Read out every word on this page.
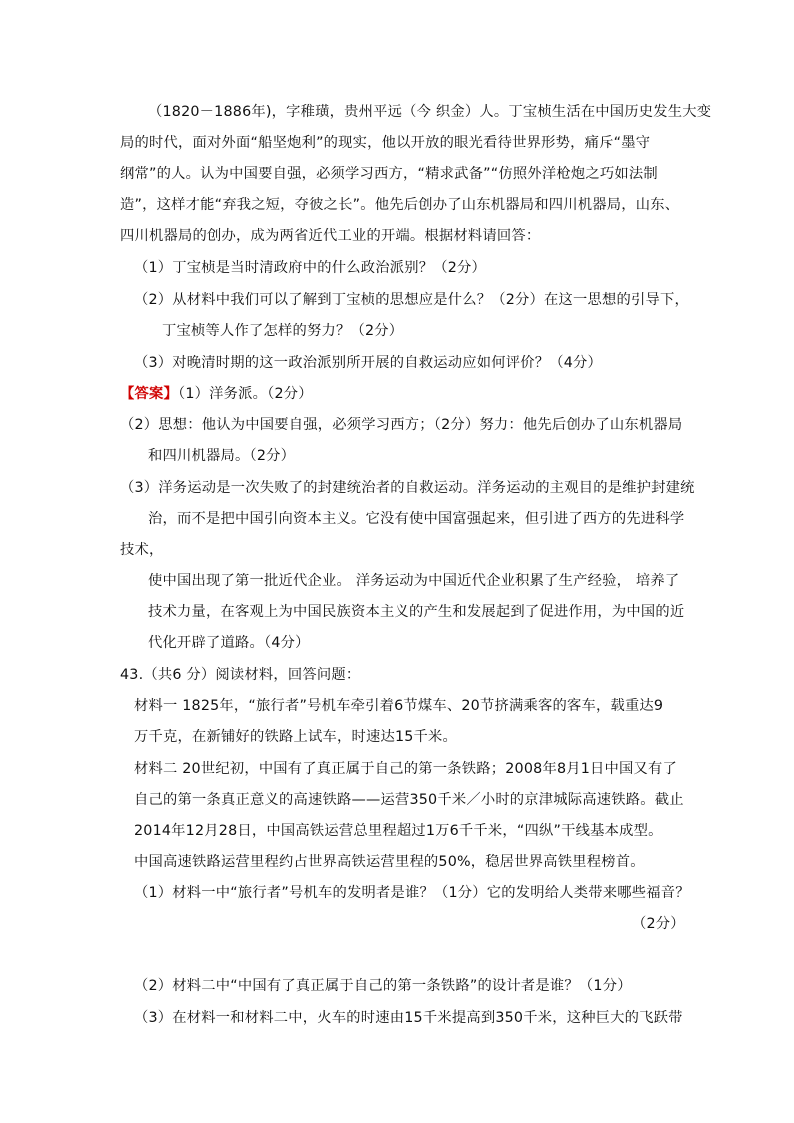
（1820－1886年)，字稚璜，贵州平远（今 织金）人。丁宝桢生活在中国历史发生大变
局的时代，面对外面“船坚炮利”的现实，他以开放的眼光看待世界形势，痛斥“墨守
纲常”的人。认为中国要自强，必须学习西方，“精求武备”“仿照外洋枪炮之巧如法制
造”，这样才能“弃我之短，夺彼之长”。他先后创办了山东机器局和四川机器局，山东、
四川机器局的创办，成为两省近代工业的开端。根据材料请回答：
（1）丁宝桢是当时清政府中的什么政治派别？（2分）
（2）从材料中我们可以了解到丁宝桢的思想应是什么？（2分）在这一思想的引导下，
丁宝桢等人作了怎样的努力？（2分）
（3）对晚清时期的这一政治派别所开展的自救运动应如何评价？（4分）
【答案】（1）洋务派。（2分）
（2）思想：他认为中国要自强，必须学习西方；（2分）努力：他先后创办了山东机器局
和四川机器局。（2分）
（3）洋务运动是一次失败了的封建统治者的自救运动。洋务运动的主观目的是维护封建统
治，而不是把中国引向资本主义。它没有使中国富强起来，但引进了西方的先进科学
技术，
使中国出现了第一批近代企业。 洋务运动为中国近代企业积累了生产经验， 培养了
技术力量，在客观上为中国民族资本主义的产生和发展起到了促进作用，为中国的近
代化开辟了道路。（4分）
43.（共6 分）阅读材料，回答问题：
材料一 1825年，“旅行者”号机车牵引着6节煤车、20节挤满乘客的客车，载重达9
万千克，在新铺好的铁路上试车，时速达15千米。
材料二 20世纪初，中国有了真正属于自己的第一条铁路；2008年8月1日中国又有了
自己的第一条真正意义的高速铁路——运营350千米／小时的京津城际高速铁路。截止
2014年12月28日，中国高铁运营总里程超过1万6千千米，“四纵”干线基本成型。
中国高速铁路运营里程约占世界高铁运营里程的50%，稳居世界高铁里程榜首。
（1）材料一中“旅行者”号机车的发明者是谁？（1分）它的发明给人类带来哪些福音？
（2分）
（2）材料二中“中国有了真正属于自己的第一条铁路”的设计者是谁？（1分）
（3）在材料一和材料二中，火车的时速由15千米提高到350千米，这种巨大的飞跃带
